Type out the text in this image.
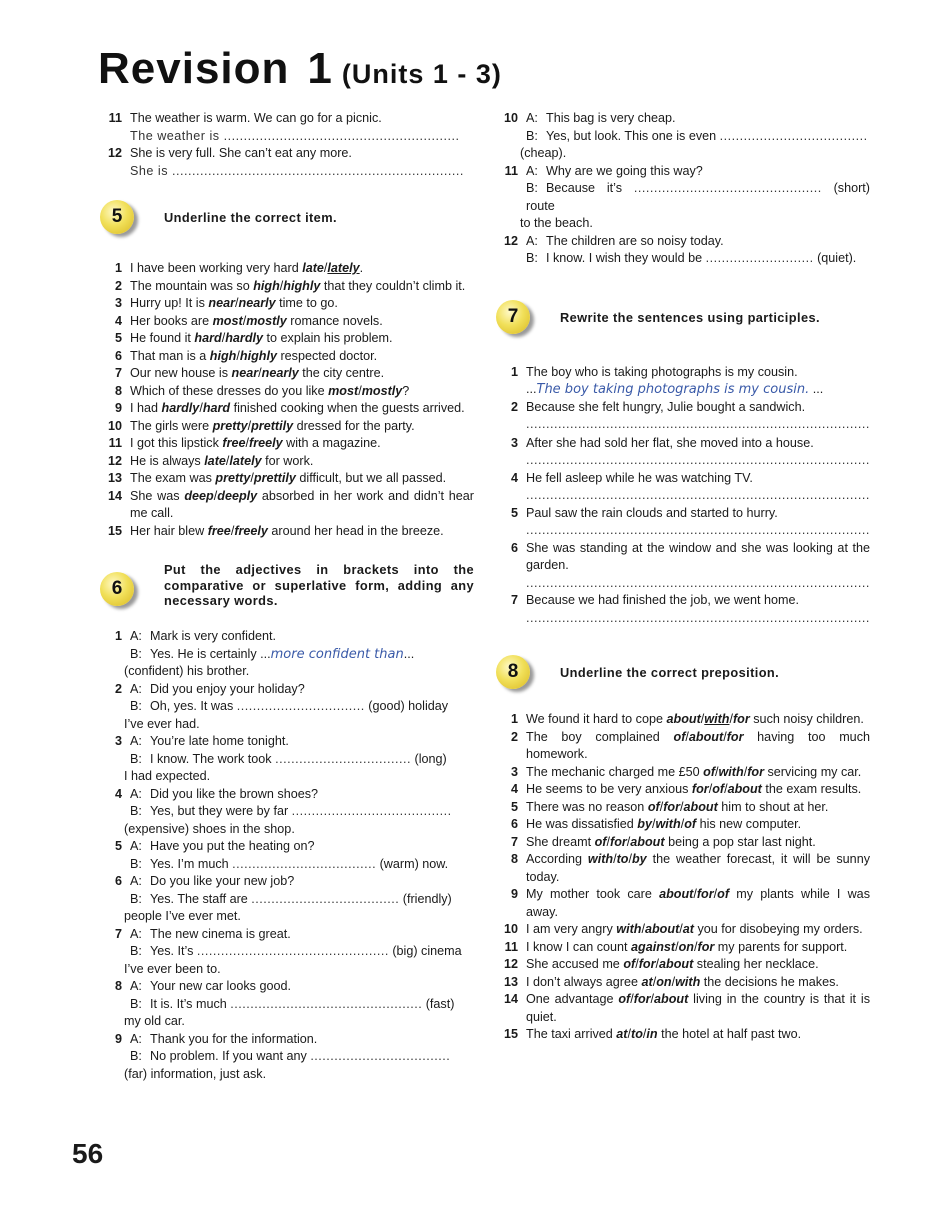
Revision 1 (Units 1 - 3)
11 The weather is warm. We can go for a picnic.
The weather is ...........................................................
12 She is very full. She can’t eat any more.
She is .........................................................................
5	Underline the correct item.
1 I have been working very hard late/lately.
2 The mountain was so high/highly that they couldn’t climb it.
3 Hurry up! It is near/nearly time to go.
4 Her books are most/mostly romance novels.
5 He found it hard/hardly to explain his problem.
6 That man is a high/highly respected doctor.
7 Our new house is near/nearly the city centre.
8 Which of these dresses do you like most/mostly?
9 I had hardly/hard finished cooking when the guests arrived.
10 The girls were pretty/prettily dressed for the party.
11 I got this lipstick free/freely with a magazine.
12 He is always late/lately for work.
13 The exam was pretty/prettily difficult, but we all passed.
14 She was deep/deeply absorbed in her work and didn’t hear me call.
15 Her hair blew free/freely around her head in the breeze.
6
Put the adjectives in brackets into the comparative or superlative form, adding any necessary words.
1 A: Mark is very confident.
B: Yes. He is certainly ...more confident than...
(confident) his brother.
2 A: Did you enjoy your holiday?
B: Oh, yes. It was ................................ (good) holiday
I’ve ever had.
3 A: You’re late home tonight.
B: I know. The work took .................................. (long)
I had expected.
4 A: Did you like the brown shoes?
B: Yes, but they were by far ........................................
(expensive) shoes in the shop.
5 A: Have you put the heating on?
B: Yes. I’m much .................................... (warm) now.
6 A: Do you like your new job?
B: Yes. The staff are ..................................... (friendly)
people I’ve ever met.
7 A: The new cinema is great.
B: Yes. It’s ................................................ (big) cinema
I’ve ever been to.
8 A: Your new car looks good.
B: It is. It’s much ................................................ (fast)
my old car.
9 A: Thank you for the information.
B: No problem. If you want any ...................................
(far) information, just ask.
10 A: This bag is very cheap.
B: Yes, but look. This one is even .....................................
(cheap).
11 A: Why are we going this way?
B: Because it’s ............................................... (short) route
to the beach.
12 A: The children are so noisy today.
B: I know. I wish they would be ........................... (quiet).
7	Rewrite the sentences using participles.
1 The boy who is taking photographs is my cousin.
...The boy taking photographs is my cousin. ...
2 Because she felt hungry, Julie bought a sandwich.
......................................................................................
3 After she had sold her flat, she moved into a house.
......................................................................................
4 He fell asleep while he was watching TV.
......................................................................................
5 Paul saw the rain clouds and started to hurry.
......................................................................................
6 She was standing at the window and she was looking at the garden.
......................................................................................
7 Because we had finished the job, we went home.
......................................................................................
8	Underline the correct preposition.
1 We found it hard to cope about/with/for such noisy children.
2 The boy complained of/about/for having too much homework.
3 The mechanic charged me £50 of/with/for servicing my car.
4 He seems to be very anxious for/of/about the exam results.
5 There was no reason of/for/about him to shout at her.
6 He was dissatisfied by/with/of his new computer.
7 She dreamt of/for/about being a pop star last night.
8 According with/to/by the weather forecast, it will be sunny today.
9 My mother took care about/for/of my plants while I was away.
10 I am very angry with/about/at you for disobeying my orders.
11 I know I can count against/on/for my parents for support.
12 She accused me of/for/about stealing her necklace.
13 I don’t always agree at/on/with the decisions he makes.
14 One advantage of/for/about living in the country is that it is quiet.
15 The taxi arrived at/to/in the hotel at half past two.
56
